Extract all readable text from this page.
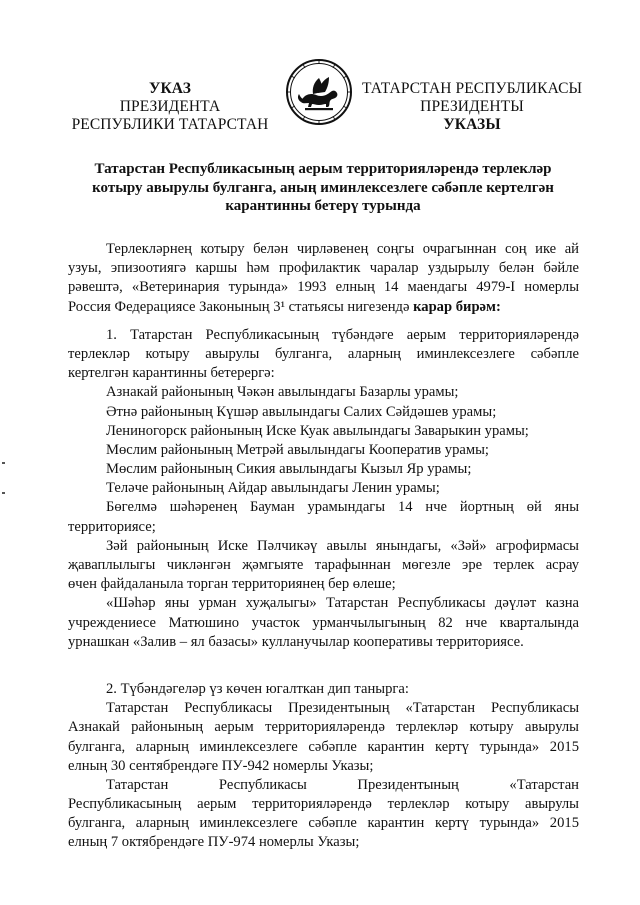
УКАЗ
ПРЕЗИДЕНТА
РЕСПУБЛИКИ ТАТАРСТАН
ТАТАРСТАН РЕСПУБЛИКАСЫ
ПРЕЗИДЕНТЫ
УКАЗЫ
Татарстан Республикасының аерым территорияләрендә терлекләр
котыру авырулы булганга, аның иминлексезлеге сәбәпле кертелгән
карантинны бетерү турында
Терлекләрнең котыру белән чирләвенең соңгы очрагыннан соң ике ай
узуы, эпизоотиягә каршы һәм профилактик чаралар уздырылу белән бәйле
рәвештә, «Ветеринария турында» 1993 елның 14 маендагы 4979-I номерлы
Россия Федерациясе Законының 3¹ статьясы нигезендә карар бирәм:
1. Татарстан Республикасының түбәндәге аерым территорияләрендә
терлекләр котыру авырулы булганга, аларның иминлексезлеге сәбәпле
кертелгән карантинны бетерергә:
Азнакай районының Чәкән авылындагы Базарлы урамы;
Әтнә районының Күшәр авылындагы Салих Сәйдәшев урамы;
Лениногорск районының Иске Куак авылындагы Заварыкин урамы;
Мөслим районының Метрәй авылындагы Кооператив урамы;
Мөслим районының Сикия авылындагы Кызыл Яр урамы;
Теләче районының Айдар авылындагы Ленин урамы;
Бөгелмә шәһәренең Бауман урамындагы 14 нче йортның өй яны
территориясе;
Зәй районының Иске Пәлчикәү авылы янындагы, «Зәй» агрофирмасы
җаваплылыгы чикләнгән җәмгыяте тарафыннан мөгезле эре терлек асрау
өчен файдаланыла торган территориянең бер өлеше;
«Шәһәр яны урман хуҗалыгы» Татарстан Республикасы дәүләт казна
учреждениесе Матюшино участок урманчылыгының 82 нче кварталында
урнашкан «Залив – ял базасы» кулланучылар кооперативы территориясе.
2. Түбәндәгеләр үз көчен югалткан дип танырга:
Татарстан Республикасы Президентының «Татарстан Республикасы
Азнакай районының аерым территорияләрендә терлекләр котыру авырулы
булганга, аларның иминлексезлеге сәбәпле карантин кертү турында» 2015
елның 30 сентябрендәге ПУ-942 номерлы Указы;
Татарстан	Республикасы	Президентының	«Татарстан
Республикасының аерым территорияләрендә терлекләр котыру авырулы
булганга, аларның иминлексезлеге сәбәпле карантин кертү турында» 2015
елның 7 октябрендәге ПУ-974 номерлы Указы;
